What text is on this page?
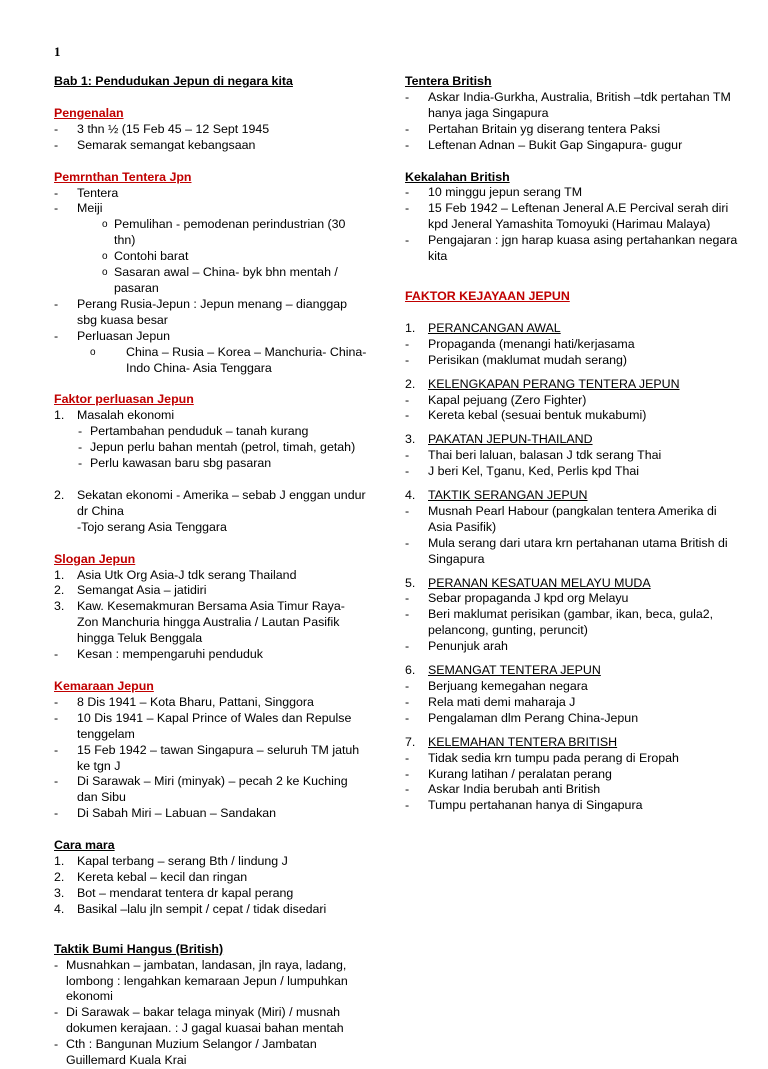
1
Bab 1: Pendudukan Jepun di negara kita
Pengenalan
-	3 thn ½ (15 Feb 45 – 12 Sept 1945
-	Semarak semangat kebangsaan
Pemrnthan Tentera Jpn
-	Tentera
-	Meiji
o Pemulihan - pemodenan perindustrian (30 thn)
o Contohi barat
o Sasaran awal – China- byk bhn mentah / pasaran
-	Perang Rusia-Jepun : Jepun menang – dianggap sbg kuasa besar
-	Perluasan Jepun
o	China – Rusia – Korea – Manchuria- China- Indo China- Asia Tenggara
Faktor perluasan Jepun
1.	Masalah ekonomi
- Pertambahan penduduk – tanah kurang
- Jepun perlu bahan mentah (petrol, timah, getah)
- Perlu kawasan baru sbg pasaran
2.	Sekatan ekonomi - Amerika – sebab J enggan undur dr China
-Tojo serang Asia Tenggara
Slogan Jepun
1.	Asia Utk Org Asia-J tdk serang Thailand
2.	Semangat Asia – jatidiri
3.	Kaw. Kesemakmuran Bersama Asia Timur Raya- Zon Manchuria hingga Australia / Lautan Pasifik hingga Teluk Benggala
-	Kesan : mempengaruhi penduduk
Kemaraan Jepun
-	8 Dis 1941 – Kota Bharu, Pattani, Singgora
-	10 Dis 1941 – Kapal Prince of Wales dan Repulse tenggelam
-	15 Feb 1942 – tawan Singapura – seluruh TM jatuh ke tgn J
-	Di Sarawak – Miri (minyak) – pecah 2 ke Kuching dan Sibu
-	Di Sabah Miri – Labuan – Sandakan
Cara mara
1.	Kapal terbang – serang Bth / lindung J
2.	Kereta kebal – kecil dan ringan
3.	Bot – mendarat tentera dr kapal perang
4.	Basikal –lalu jln sempit / cepat / tidak disedari
Taktik Bumi Hangus (British)
- Musnahkan – jambatan, landasan, jln raya, ladang, lombong : lengahkan kemaraan Jepun / lumpuhkan ekonomi
- Di Sarawak – bakar telaga minyak (Miri) / musnah dokumen kerajaan. : J gagal kuasai bahan mentah
- Cth : Bangunan Muzium Selangor / Jambatan Guillemard Kuala Krai
Tentera British
-	Askar India-Gurkha, Australia, British –tdk pertahan TM hanya jaga Singapura
-	Pertahan Britain yg diserang tentera Paksi
-	Leftenan Adnan – Bukit Gap Singapura- gugur
Kekalahan British
-	10 minggu jepun serang TM
-	15 Feb 1942 – Leftenan Jeneral A.E Percival serah diri kpd Jeneral Yamashita Tomoyuki (Harimau Malaya)
-	Pengajaran : jgn harap kuasa asing pertahankan negara kita
FAKTOR KEJAYAAN JEPUN
1.	PERANCANGAN AWAL
-	Propaganda (menangi hati/kerjasama
-	Perisikan (maklumat mudah serang)
2.	KELENGKAPAN PERANG TENTERA JEPUN
-	Kapal pejuang (Zero Fighter)
-	Kereta kebal (sesuai bentuk mukabumi)
3.	PAKATAN JEPUN-THAILAND
-	Thai beri laluan, balasan J tdk serang Thai
-	J beri Kel, Tganu, Ked, Perlis kpd Thai
4.	TAKTIK SERANGAN JEPUN
-	Musnah Pearl Habour (pangkalan tentera Amerika di Asia Pasifik)
-	Mula serang dari utara krn pertahanan utama British di Singapura
5.	PERANAN KESATUAN MELAYU MUDA
-	Sebar propaganda J kpd org Melayu
-	Beri maklumat perisikan (gambar, ikan, beca, gula2, pelancong, gunting, peruncit)
-	Penunjuk arah
6.	SEMANGAT TENTERA JEPUN
-	Berjuang kemegahan negara
-	Rela mati demi maharaja J
-	Pengalaman dlm Perang China-Jepun
7.	KELEMAHAN TENTERA BRITISH
-	Tidak sedia krn tumpu pada perang di Eropah
-	Kurang latihan / peralatan perang
-	Askar India berubah anti British
-	Tumpu pertahanan hanya di Singapura
